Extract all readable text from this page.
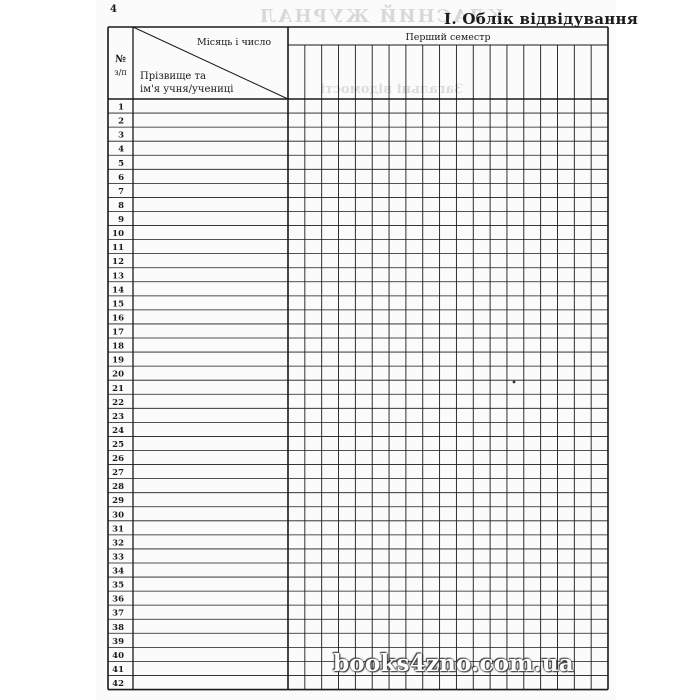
КЛАСНИЙ ЖУРНАЛ
Загальні відомості
4
І. Облік відвідування
1
2
3
4
5
6
7
8
9
10
11
12
13
14
15
16
17
18
19
20
21
22
23
24
25
26
27
28
29
30
31
32
33
34
35
36
37
38
39
40
41
42
№
з/п
Місяць і число
Прізвище та
ім'я учня/учениці
Перший семестр
books4zno.com.ua
